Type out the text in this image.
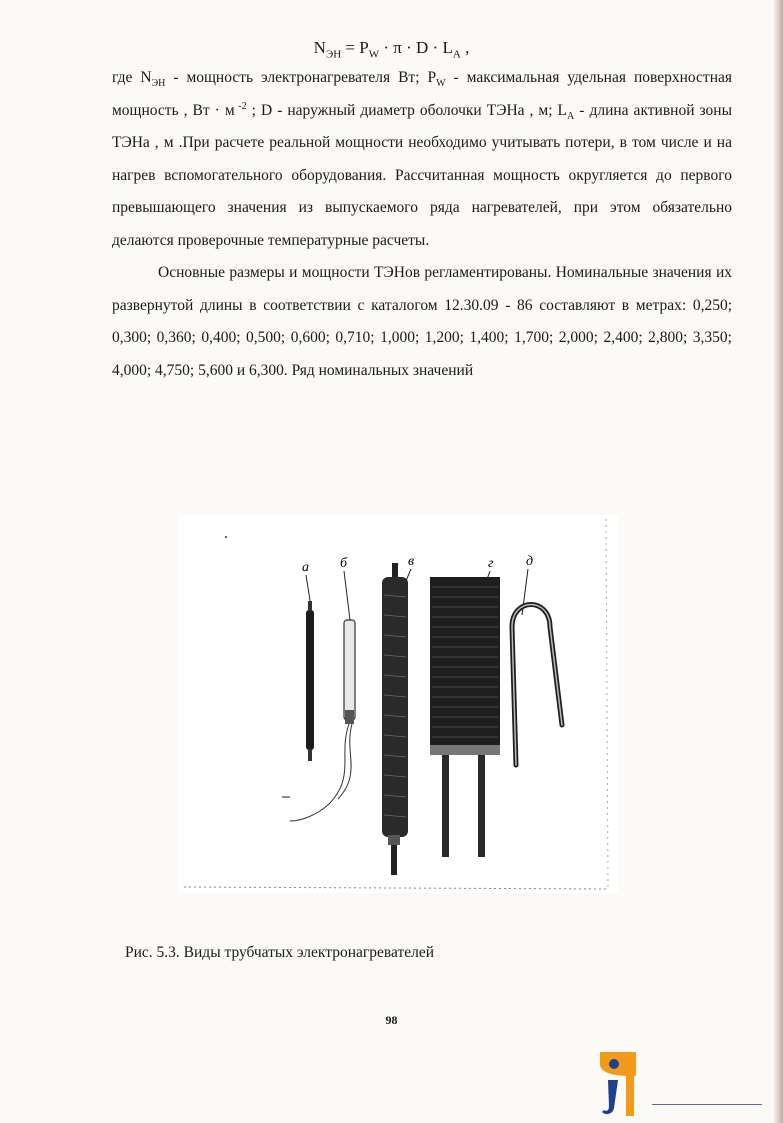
$N_{ЭН} = P_W \cdot \pi \cdot D \cdot L_A$ ,

где $N_{ЭН}$ - мощность электронагревателя Вт; $P_W$ - максимальная удельная поверхностная мощность , Вт · м $^{-2}$ ; D - наружный диаметр оболочки ТЭНа , м; $L_A$ - длина активной зоны ТЭНа , м .При расчете реальной мощности необходимо учитывать потери, в том числе и на нагрев вспомогательного оборудования. Рассчитанная мощность округляется до первого превышающего значения из выпускаемого ряда нагревателей, при этом обязательно делаются проверочные температурные расчеты.

Основные размеры и мощности ТЭНов регламентированы. Номинальные значения их развернутой длины в соответствии с каталогом 12.30.09 - 86 составляют в метрах: 0,250; 0,300; 0,360; 0,400; 0,500; 0,600; 0,710; 1,000; 1,200; 1,400; 1,700; 2,000; 2,400; 2,800; 3,350; 4,000; 4,750; 5,600 и 6,300. Ряд номинальных значений

а б	в	г д
Рис. 5.3. Виды трубчатых электронагревателей
98
